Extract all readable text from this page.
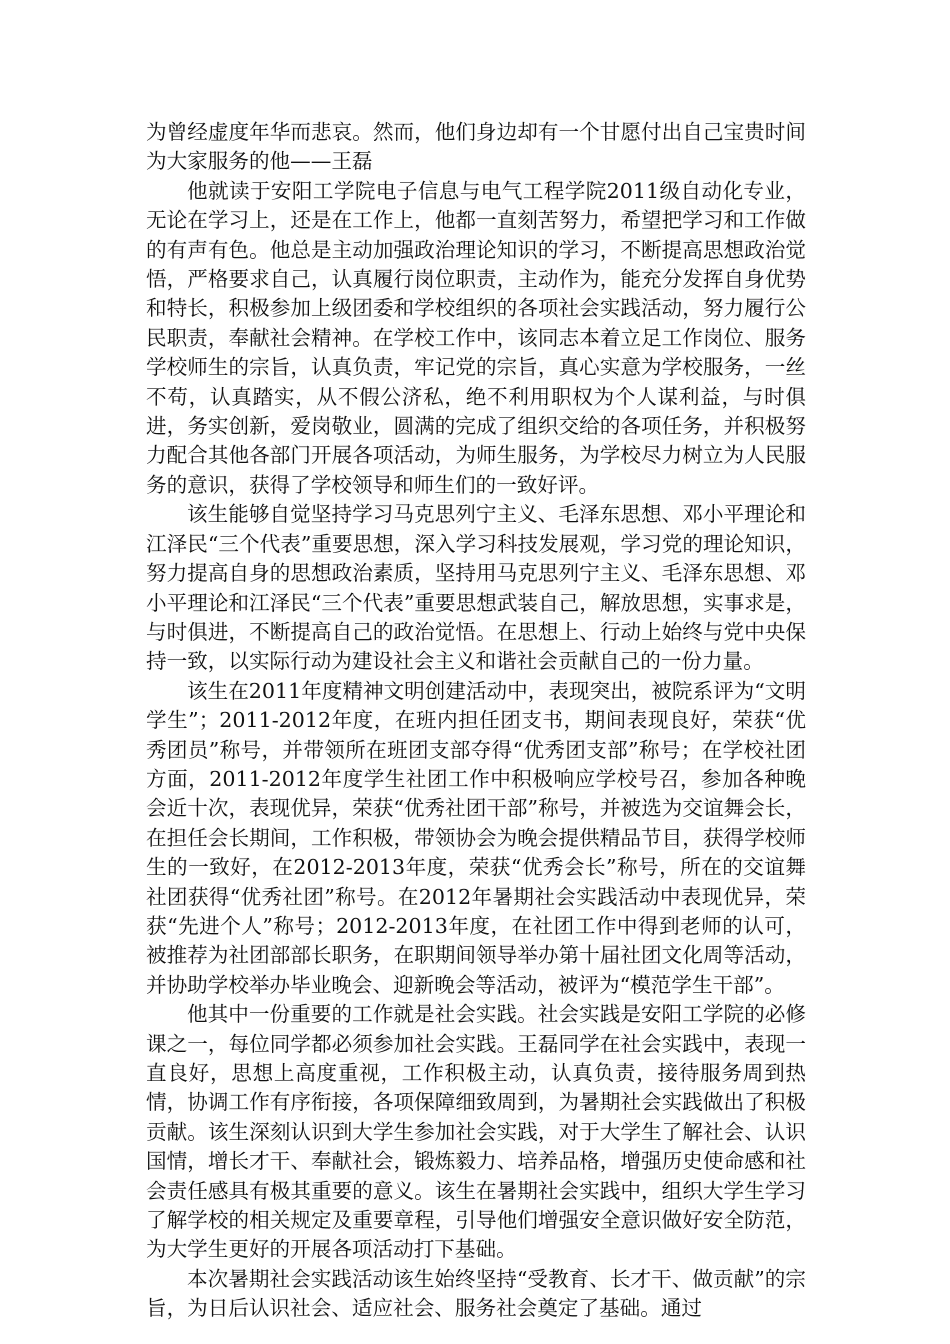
为曾经虚度年华而悲哀。然而，他们身边却有一个甘愿付出自己宝贵时间为大家服务的他——王磊

他就读于安阳工学院电子信息与电气工程学院2011级自动化专业，无论在学习上，还是在工作上，他都一直刻苦努力，希望把学习和工作做的有声有色。他总是主动加强政治理论知识的学习，不断提高思想政治觉悟，严格要求自己，认真履行岗位职责，主动作为，能充分发挥自身优势和特长，积极参加上级团委和学校组织的各项社会实践活动，努力履行公民职责，奉献社会精神。在学校工作中，该同志本着立足工作岗位、服务学校师生的宗旨，认真负责，牢记党的宗旨，真心实意为学校服务，一丝不苟，认真踏实，从不假公济私，绝不利用职权为个人谋利益，与时俱进，务实创新，爱岗敬业，圆满的完成了组织交给的各项任务，并积极努力配合其他各部门开展各项活动，为师生服务，为学校尽力树立为人民服务的意识，获得了学校领导和师生们的一致好评。

该生能够自觉坚持学习马克思列宁主义、毛泽东思想、邓小平理论和江泽民“三个代表”重要思想，深入学习科技发展观，学习党的理论知识，努力提高自身的思想政治素质，坚持用马克思列宁主义、毛泽东思想、邓小平理论和江泽民“三个代表”重要思想武装自己，解放思想，实事求是，与时俱进，不断提高自己的政治觉悟。在思想上、行动上始终与党中央保持一致，以实际行动为建设社会主义和谐社会贡献自己的一份力量。

该生在2011年度精神文明创建活动中，表现突出，被院系评为“文明学生”；2011-2012年度，在班内担任团支书，期间表现良好，荣获“优秀团员”称号，并带领所在班团支部夺得“优秀团支部”称号；在学校社团方面，2011-2012年度学生社团工作中积极响应学校号召，参加各种晚会近十次，表现优异，荣获“优秀社团干部”称号，并被选为交谊舞会长，在担任会长期间，工作积极，带领协会为晚会提供精品节目，获得学校师生的一致好，在2012-2013年度，荣获“优秀会长”称号，所在的交谊舞社团获得“优秀社团”称号。在2012年暑期社会实践活动中表现优异，荣获“先进个人”称号；2012-2013年度，在社团工作中得到老师的认可，被推荐为社团部部长职务，在职期间领导举办第十届社团文化周等活动，并协助学校举办毕业晚会、迎新晚会等活动，被评为“模范学生干部”。

他其中一份重要的工作就是社会实践。社会实践是安阳工学院的必修课之一，每位同学都必须参加社会实践。王磊同学在社会实践中，表现一直良好，思想上高度重视，工作积极主动，认真负责，接待服务周到热情，协调工作有序衔接，各项保障细致周到，为暑期社会实践做出了积极贡献。该生深刻认识到大学生参加社会实践，对于大学生了解社会、认识国情，增长才干、奉献社会，锻炼毅力、培养品格，增强历史使命感和社会责任感具有极其重要的意义。该生在暑期社会实践中，组织大学生学习了解学校的相关规定及重要章程，引导他们增强安全意识做好安全防范，为大学生更好的开展各项活动打下基础。

本次暑期社会实践活动该生始终坚持“受教育、长才干、做贡献”的宗旨，为日后认识社会、适应社会、服务社会奠定了基础。通过
